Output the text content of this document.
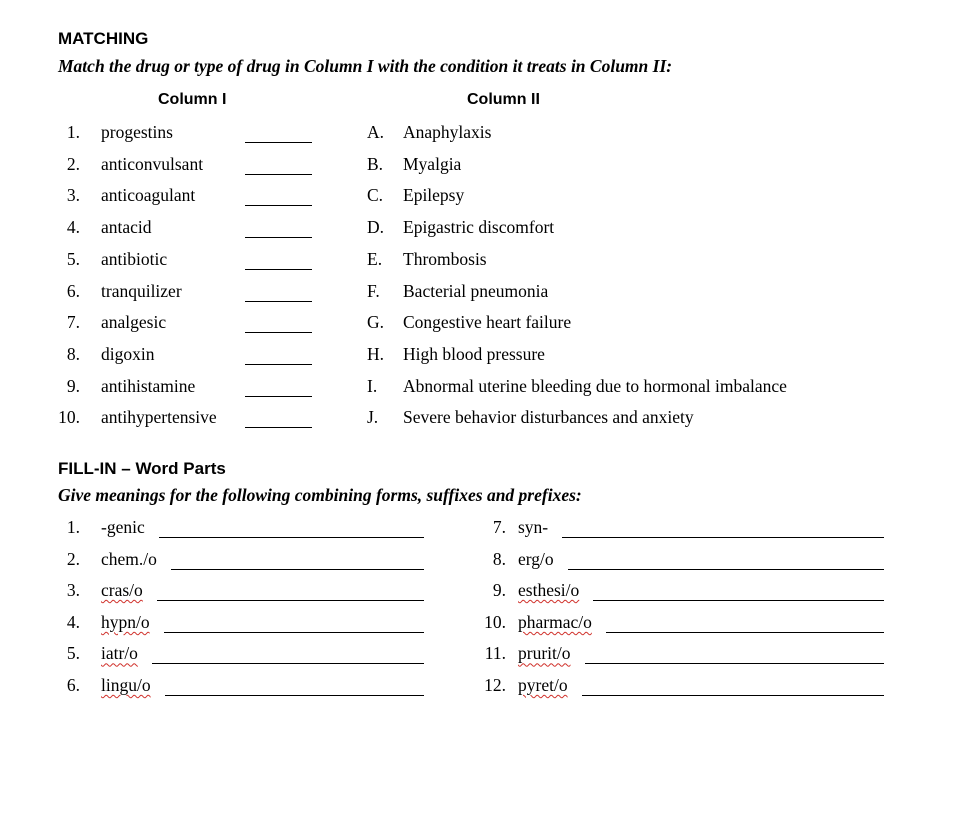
MATCHING
Match the drug or type of drug in Column I with the condition it treats in Column II:
Column I	Column II
1. progestins
2. anticonvulsant
3. anticoagulant
4. antacid
5. antibiotic
6. tranquilizer
7. analgesic
8. digoxin
9. antihistamine
10. antihypertensive
A. Anaphylaxis
B. Myalgia
C. Epilepsy
D. Epigastric discomfort
E. Thrombosis
F. Bacterial pneumonia
G. Congestive heart failure
H. High blood pressure
I. Abnormal uterine bleeding due to hormonal imbalance
J. Severe behavior disturbances and anxiety
FILL-IN – Word Parts
Give meanings for the following combining forms, suffixes and prefixes:
1. -genic
2. chem./o
3. cras/o
4. hypn/o
5. iatr/o
6. lingu/o
7. syn-
8. erg/o
9. esthesi/o
10. pharmac/o
11. prurit/o
12. pyret/o
